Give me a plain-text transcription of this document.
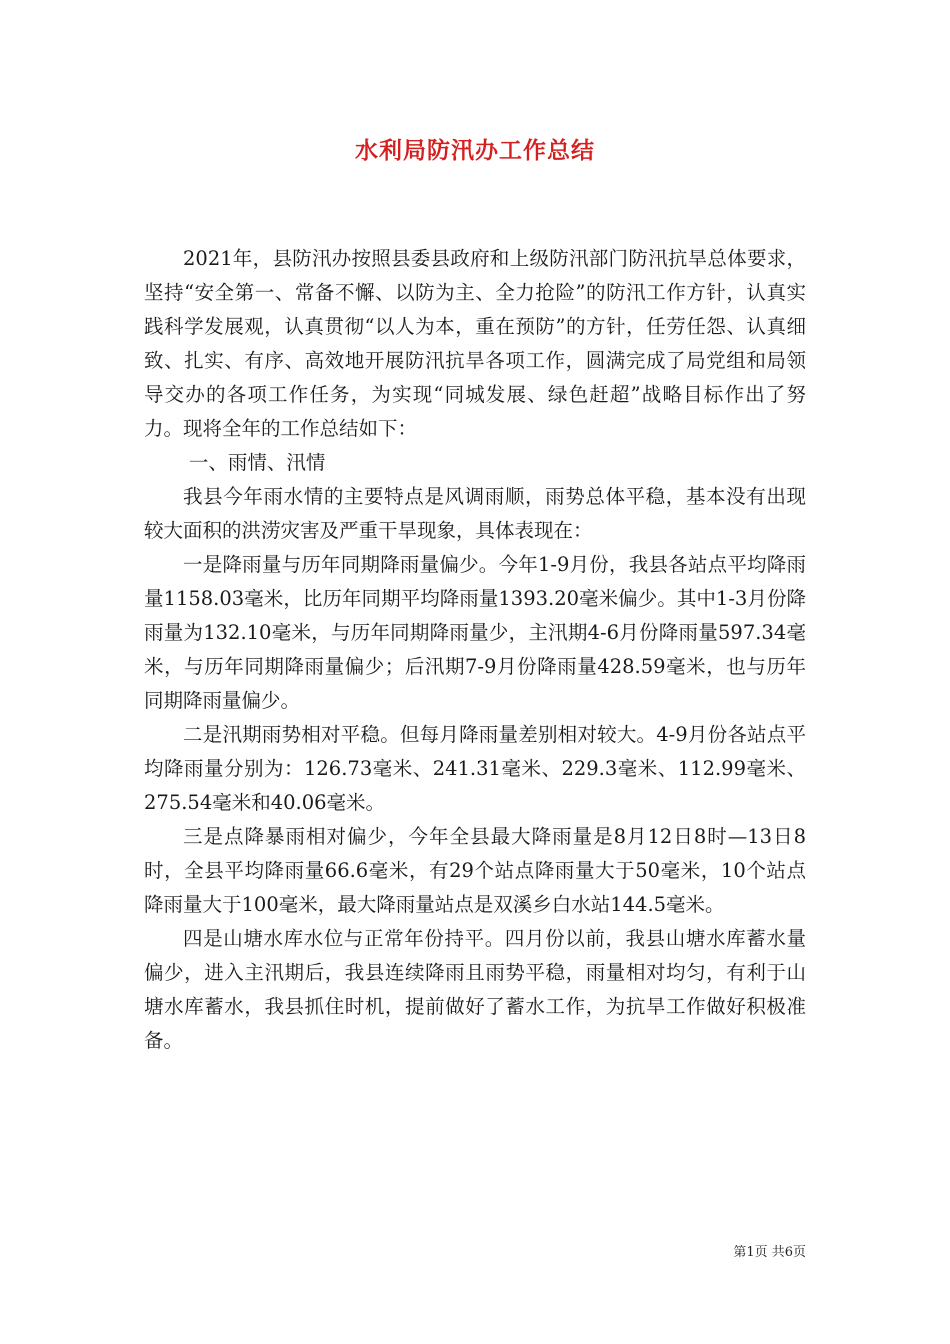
水利局防汛办工作总结

2021年，县防汛办按照县委县政府和上级防汛部门防汛抗旱总体要求，坚持“安全第一、常备不懈、以防为主、全力抢险”的防汛工作方针，认真实践科学发展观，认真贯彻“以人为本，重在预防”的方针，任劳任怨、认真细致、扎实、有序、高效地开展防汛抗旱各项工作，圆满完成了局党组和局领导交办的各项工作任务，为实现“同城发展、绿色赶超”战略目标作出了努力。现将全年的工作总结如下：

一、雨情、汛情

我县今年雨水情的主要特点是风调雨顺，雨势总体平稳，基本没有出现较大面积的洪涝灾害及严重干旱现象，具体表现在：

一是降雨量与历年同期降雨量偏少。今年1-9月份，我县各站点平均降雨量1158.03毫米，比历年同期平均降雨量1393.20毫米偏少。其中1-3月份降雨量为132.10毫米，与历年同期降雨量少，主汛期4-6月份降雨量597.34毫米，与历年同期降雨量偏少；后汛期7-9月份降雨量428.59毫米，也与历年同期降雨量偏少。

二是汛期雨势相对平稳。但每月降雨量差别相对较大。4-9月份各站点平均降雨量分别为：126.73毫米、241.31毫米、229.3毫米、112.99毫米、275.54毫米和40.06毫米。

三是点降暴雨相对偏少，今年全县最大降雨量是8月12日8时—13日8时，全县平均降雨量66.6毫米，有29个站点降雨量大于50毫米，10个站点降雨量大于100毫米，最大降雨量站点是双溪乡白水站144.5毫米。

四是山塘水库水位与正常年份持平。四月份以前，我县山塘水库蓄水量偏少，进入主汛期后，我县连续降雨且雨势平稳，雨量相对均匀，有利于山塘水库蓄水，我县抓住时机，提前做好了蓄水工作，为抗旱工作做好积极准备。

第1页 共6页
